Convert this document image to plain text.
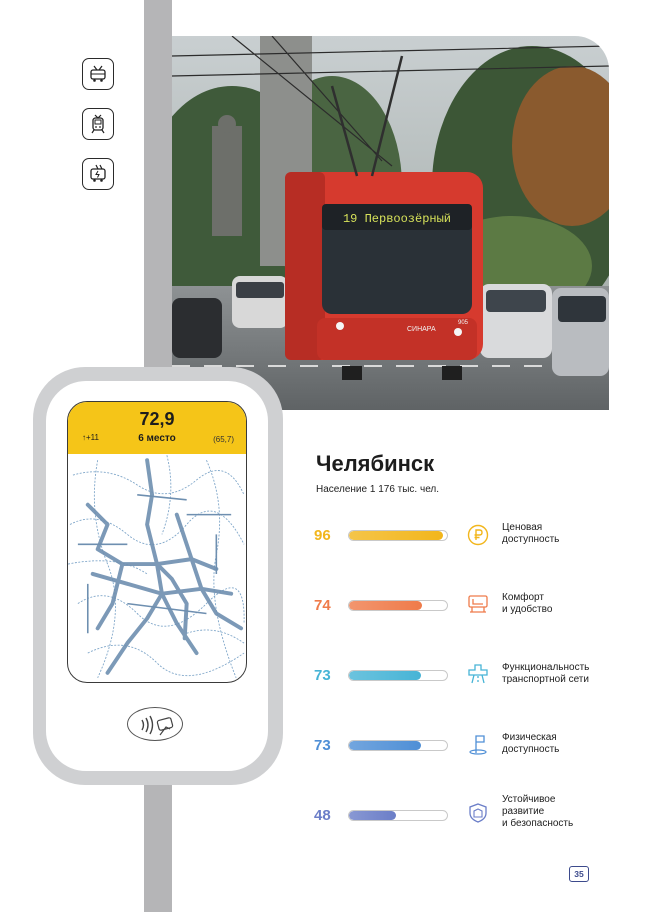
19 Первоозёрный
СИНАРА
905
72,9
↑+11	6 место	(65,7)
Челябинск
Население 1 176 тыс. чел.
96	Ценовая
доступность
74	Комфорт
и удобство
73	Функциональность
транспортной сети
73	Физическая
доступность
48
Устойчивое
развитие
и безопасность
35
